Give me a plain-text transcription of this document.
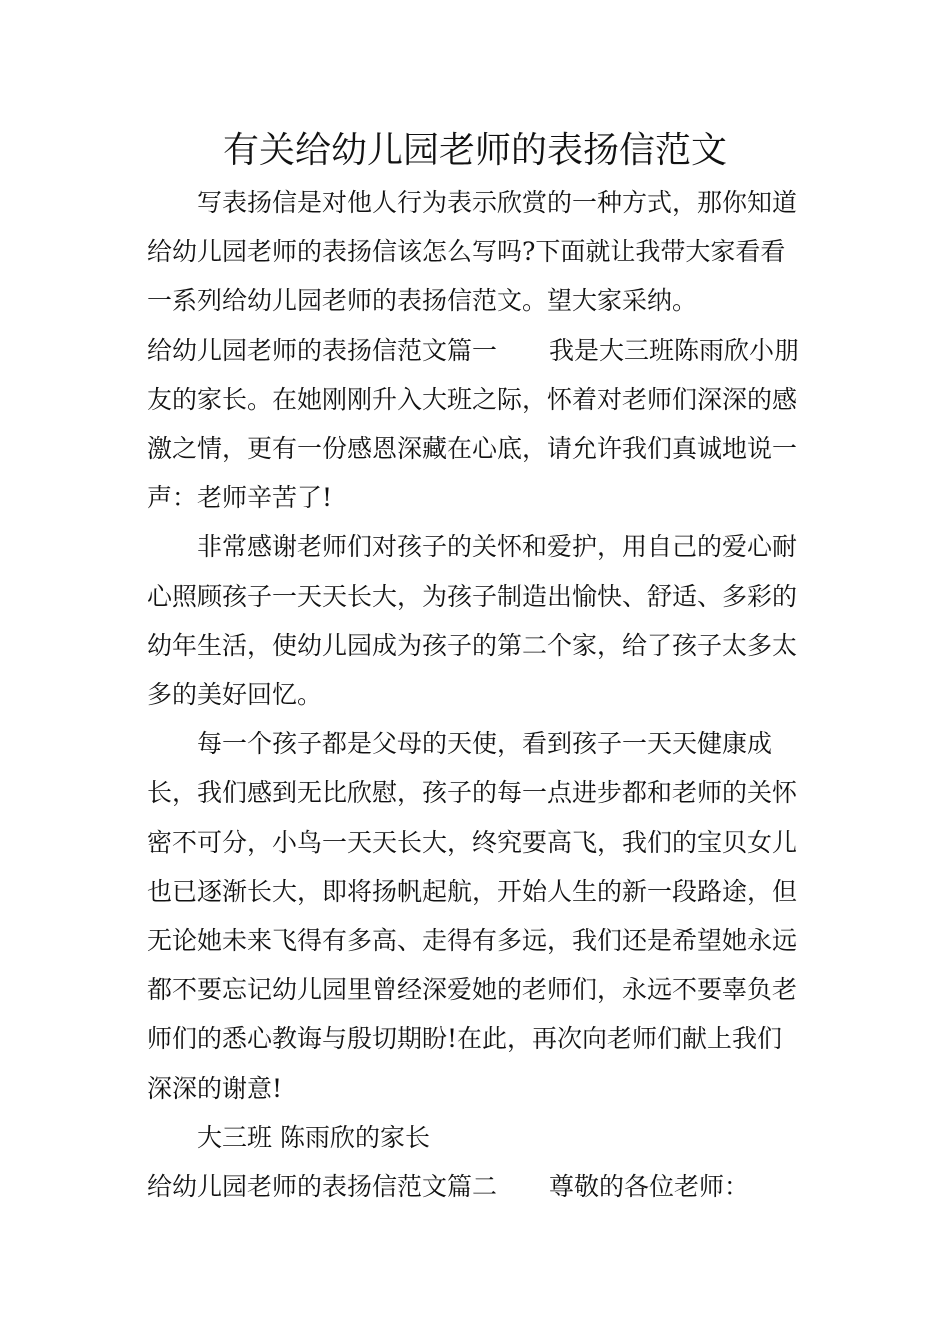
有关给幼儿园老师的表扬信范文

写表扬信是对他人行为表示欣赏的一种方式，那你知道给幼儿园老师的表扬信该怎么写吗?下面就让我带大家看看一系列给幼儿园老师的表扬信范文。望大家采纳。

给幼儿园老师的表扬信范文篇一 我是大三班陈雨欣小朋友的家长。在她刚刚升入大班之际，怀着对老师们深深的感激之情，更有一份感恩深藏在心底，请允许我们真诚地说一声：老师辛苦了!

非常感谢老师们对孩子的关怀和爱护，用自己的爱心耐心照顾孩子一天天长大，为孩子制造出愉快、舒适、多彩的幼年生活，使幼儿园成为孩子的第二个家，给了孩子太多太多的美好回忆。

每一个孩子都是父母的天使，看到孩子一天天健康成长，我们感到无比欣慰，孩子的每一点进步都和老师的关怀密不可分，小鸟一天天长大，终究要高飞，我们的宝贝女儿也已逐渐长大，即将扬帆起航，开始人生的新一段路途，但无论她未来飞得有多高、走得有多远，我们还是希望她永远都不要忘记幼儿园里曾经深爱她的老师们，永远不要辜负老师们的悉心教诲与殷切期盼!在此，再次向老师们献上我们深深的谢意!

大三班 陈雨欣的家长

给幼儿园老师的表扬信范文篇二 尊敬的各位老师：
